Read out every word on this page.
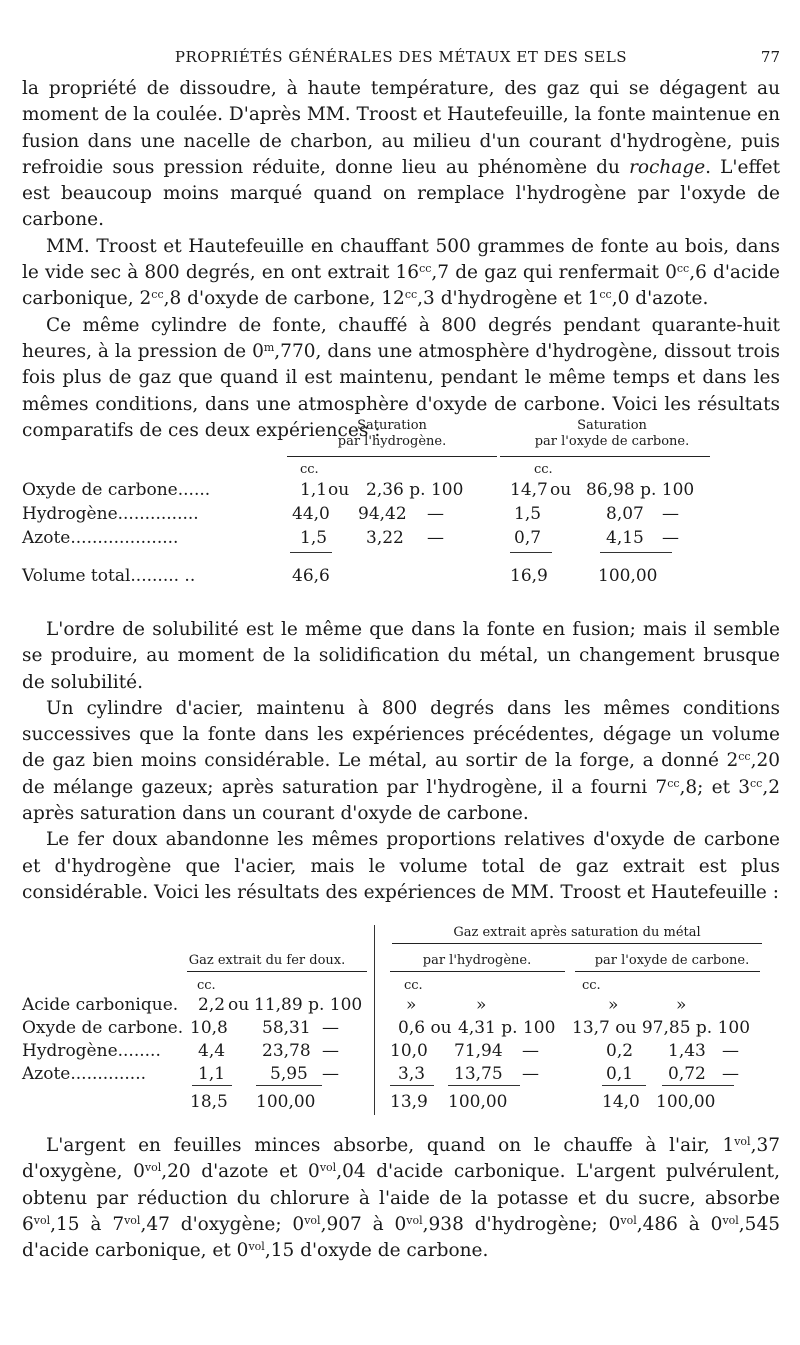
PROPRIÉTÉS GÉNÉRALES DES MÉTAUX ET DES SELS	77

la propriété de dissoudre, à haute température, des gaz qui se dégagent au moment de la coulée. D'après MM. Troost et Hautefeuille, la fonte maintenue en fusion dans une nacelle de charbon, au milieu d'un courant d'hydrogène, puis refroidie sous pression réduite, donne lieu au phénomène du rochage. L'effet est beaucoup moins marqué quand on remplace l'hydrogène par l'oxyde de carbone.

MM. Troost et Hautefeuille en chauffant 500 grammes de fonte au bois, dans le vide sec à 800 degrés, en ont extrait $16^{cc},7$ de gaz qui renfermait $0^{cc},6$ d'acide carbonique, $2^{cc},8$ d'oxyde de carbone, $12^{cc},3$ d'hydrogène et $1^{cc},0$ d'azote.

Ce même cylindre de fonte, chauffé à 800 degrés pendant quarante-huit heures, à la pression de 0$^m$,770, dans une atmosphère d'hydrogène, dissout trois fois plus de gaz que quand il est maintenu, pendant le même temps et dans les mêmes conditions, dans une atmosphère d'oxyde de carbone. Voici les résultats comparatifs de ces deux expériences :

Saturation
par l'hydrogène.
Saturation
par l'oxyde de carbone.
cc.	cc.
Oxyde de carbone......	1,1 ou 2,36 p. 100	14,7 ou 86,98 p. 100
Hydrogène...............	44,0 94,42 —	1,5	8,07 —
Azote....................	1,5 3,22 —	0,7	4,15 —
Volume total......... ..	46,6	16,9	100,00

L'ordre de solubilité est le même que dans la fonte en fusion; mais il semble se produire, au moment de la solidification du métal, un changement brusque de solubilité.

Un cylindre d'acier, maintenu à 800 degrés dans les mêmes conditions successives que la fonte dans les expériences précédentes, dégage un volume de gaz bien moins considérable. Le métal, au sortir de la forge, a donné $2^{cc},20$ de mélange gazeux; après saturation par l'hydrogène, il a fourni $7^{cc},8$; et $3^{cc},2$ après saturation dans un courant d'oxyde de carbone.

Le fer doux abandonne les mêmes proportions relatives d'oxyde de carbone et d'hydrogène que l'acier, mais le volume total de gaz extrait est plus considérable. Voici les résultats des expériences de MM. Troost et Hautefeuille :

Gaz extrait après saturation du métal
Gaz extrait du fer doux.	par l'hydrogène.	par l'oxyde de carbone.
cc.	cc.	cc.
Acide carbonique. 2,2 ou 11,89 p. 100	»	»	»	»
Oxyde de carbone. 10,8 58,31 —	0,6 ou 4,31 p. 100 13,7 ou 97,85 p. 100
Hydrogène........ 4,4 23,78 —	10,0 71,94 —	0,2 1,43 —
Azote..............	1,1	5,95 —	3,3 13,75 —	0,1 0,72 —
18,5 100,00	13,9 100,00	14,0 100,00

L'argent en feuilles minces absorbe, quand on le chauffe à l'air, $1^{vol},37$ d'oxygène, $0^{vol},20$ d'azote et $0^{vol},04$ d'acide carbonique. L'argent pulvérulent, obtenu par réduction du chlorure à l'aide de la potasse et du sucre, absorbe $6^{vol},15$ à $7^{vol},47$ d'oxygène; $0^{vol},907$ à $0^{vol},938$ d'hydrogène; $0^{vol},486$ à $0^{vol},545$ d'acide carbonique, et $0^{vol},15$ d'oxyde de carbone.
